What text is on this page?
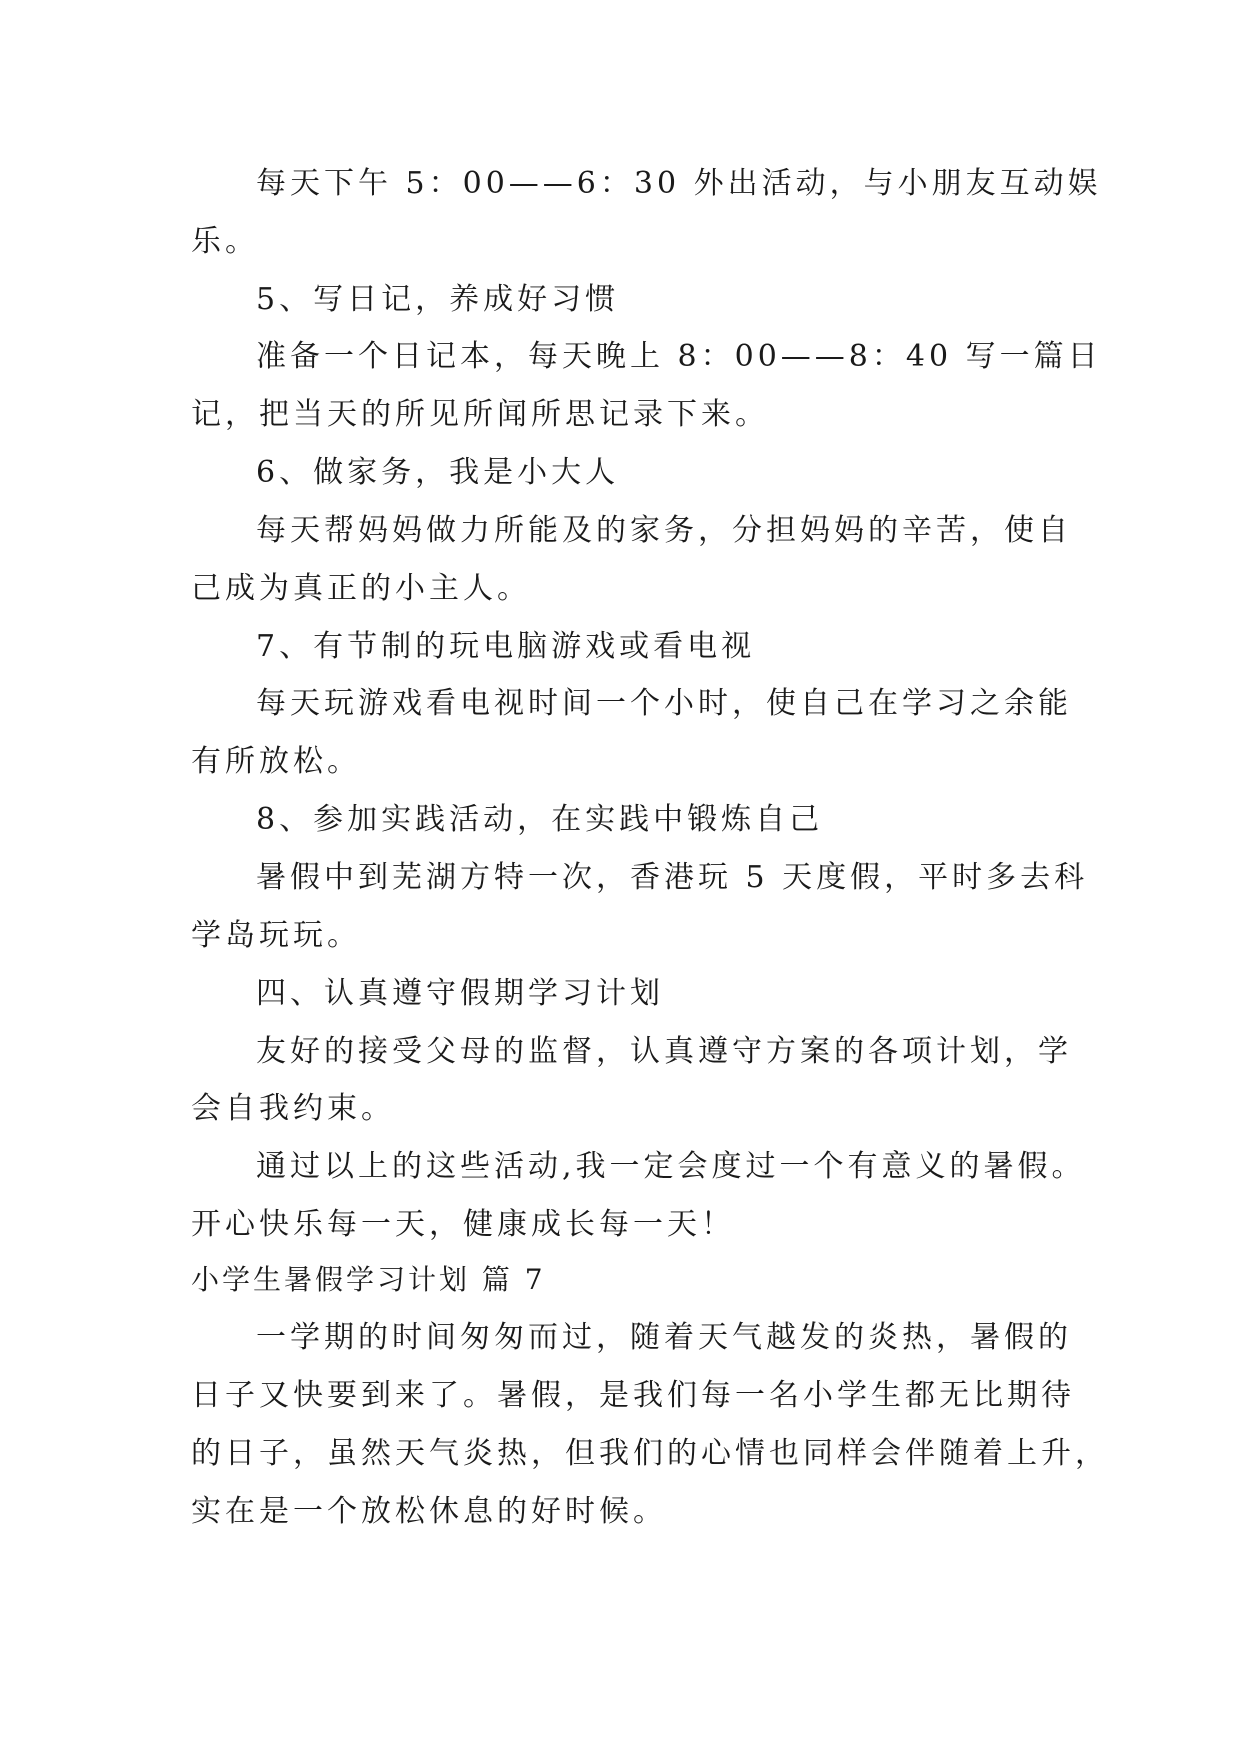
每天下午 5：00——6：30 外出活动，与小朋友互动娱
乐。
5、写日记，养成好习惯
准备一个日记本，每天晚上 8：00——8：40 写一篇日
记，把当天的所见所闻所思记录下来。
6、做家务，我是小大人
每天帮妈妈做力所能及的家务，分担妈妈的辛苦，使自
己成为真正的小主人。
7、有节制的玩电脑游戏或看电视
每天玩游戏看电视时间一个小时，使自己在学习之余能
有所放松。
8、参加实践活动，在实践中锻炼自己
暑假中到芜湖方特一次，香港玩 5 天度假，平时多去科
学岛玩玩。
四、认真遵守假期学习计划
友好的接受父母的监督，认真遵守方案的各项计划，学
会自我约束。
通过以上的这些活动,我一定会度过一个有意义的暑假。
开心快乐每一天，健康成长每一天！
小学生暑假学习计划 篇 7
一学期的时间匆匆而过，随着天气越发的炎热，暑假的
日子又快要到来了。暑假，是我们每一名小学生都无比期待
的日子，虽然天气炎热，但我们的心情也同样会伴随着上升，
实在是一个放松休息的好时候。
